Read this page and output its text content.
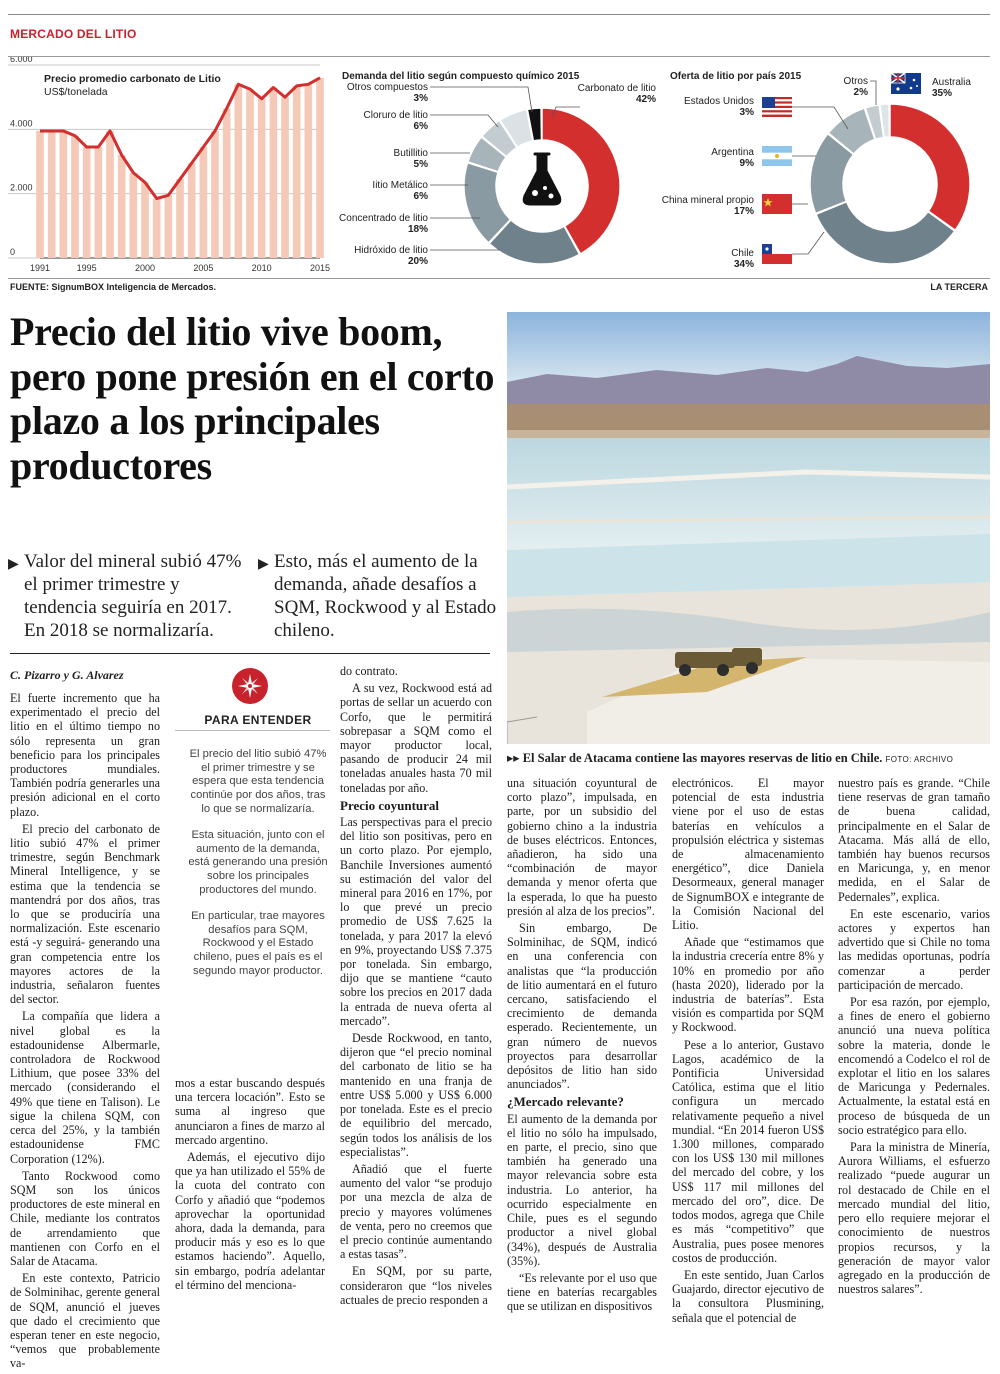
MERCADO DEL LITIO
Precio promedio carbonato de Litio
US$/tonelada
6.000
4.000
2.000
0
1991	1995	2000	2005	2010	2015
Demanda del litio según compuesto químico 2015
Carbonato de litio
42%
Hidróxido de litio
20%
Concentrado de litio
18%
Iitio Metálico
6%
Butillitio
5%
Cloruro de litio
6%
Otros compuestos
3%
Oferta de litio por país 2015
Australia
35%
Chile
34%
China mineral propio
17%
Argentina
9%
Estados Unidos
3%
Otros
2%
FUENTE: SignumBOX Inteligencia de Mercados.	LA TERCERA
Precio del litio vive boom, pero pone presión en el corto plazo a los principales productores
▶ Valor del mineral subió 47% el primer trimestre y tendencia seguiría en 2017. En 2018 se normalizaría.
▶ Esto, más el aumento de la demanda, añade desafíos a SQM, Rockwood y al Estado chileno.
C. Pizarro y G. Alvarez

El fuerte incremento que ha experimentado el precio del litio en el último tiempo no sólo representa un gran beneficio para los principales productores mundiales. También podría generarles una presión adicional en el corto plazo.

El precio del carbonato de litio subió 47% el primer trimestre, según Benchmark Mineral Intelligence, y se estima que la tendencia se mantendrá por dos años, tras lo que se produciría una normalización. Este escenario está -y seguirá- generando una gran competencia entre los mayores actores de la industria, señalaron fuentes del sector.

La compañía que lidera a nivel global es la estadounidense Albermarle, controladora de Rockwood Lithium, que posee 33% del mercado (considerando el 49% que tiene en Talison). Le sigue la chilena SQM, con cerca del 25%, y la también estadounidense FMC Corporation (12%).

Tanto Rockwood como SQM son los únicos productores de este mineral en Chile, mediante los contratos de arrendamiento que mantienen con Corfo en el Salar de Atacama.

En este contexto, Patricio de Solminihac, gerente general de SQM, anunció el jueves que dado el crecimiento que esperan tener en este negocio, “vemos que probablemente va-

PARA ENTENDER

El precio del litio subió 47% el primer trimestre y se espera que esta tendencia continúe por dos años, tras lo que se normalizaría.

Esta situación, junto con el aumento de la demanda, está generando una presión sobre los principales productores del mundo.

En particular, trae mayores desafíos para SQM, Rockwood y el Estado chileno, pues el país es el segundo mayor productor.

mos a estar buscando después una tercera locación”. Esto se suma al ingreso que anunciaron a fines de marzo al mercado argentino.

Además, el ejecutivo dijo que ya han utilizado el 55% de la cuota del contrato con Corfo y añadió que “podemos aprovechar la oportunidad ahora, dada la demanda, para producir más y eso es lo que estamos haciendo”. Aquello, sin embargo, podría adelantar el término del menciona-

do contrato.

A su vez, Rockwood está ad portas de sellar un acuerdo con Corfo, que le permitirá sobrepasar a SQM como el mayor productor local, pasando de producir 24 mil toneladas anuales hasta 70 mil toneladas por año.

Precio coyuntural

Las perspectivas para el precio del litio son positivas, pero en un corto plazo. Por ejemplo, Banchile Inversiones aumentó su estimación del valor del mineral para 2016 en 17%, por lo que prevé un precio promedio de US$ 7.625 la tonelada, y para 2017 la elevó en 9%, proyectando US$ 7.375 por tonelada. Sin embargo, dijo que se mantiene “cauto sobre los precios en 2017 dada la entrada de nueva oferta al mercado”.

Desde Rockwood, en tanto, dijeron que “el precio nominal del carbonato de litio se ha mantenido en una franja de entre US$ 5.000 y US$ 6.000 por tonelada. Este es el precio de equilibrio del mercado, según todos los análisis de los especialistas”.

Añadió que el fuerte aumento del valor “se produjo por una mezcla de alza de precio y mayores volúmenes de venta, pero no creemos que el precio continúe aumentando a estas tasas”.

En SQM, por su parte, consideraron que “los niveles actuales de precio responden a

▸▸ El Salar de Atacama contiene las mayores reservas de litio en Chile. FOTO: ARCHIVO

una situación coyuntural de corto plazo”, impulsada, en parte, por un subsidio del gobierno chino a la industria de buses eléctricos. Entonces, añadieron, ha sido una “combinación de mayor demanda y menor oferta que la esperada, lo que ha puesto presión al alza de los precios”.

Sin embargo, De Solminihac, de SQM, indicó en una conferencia con analistas que “la producción de litio aumentará en el futuro cercano, satisfaciendo el crecimiento de demanda esperado. Recientemente, un gran número de nuevos proyectos para desarrollar depósitos de litio han sido anunciados”.

¿Mercado relevante?

El aumento de la demanda por el litio no sólo ha impulsado, en parte, el precio, sino que también ha generado una mayor relevancia sobre esta industria. Lo anterior, ha ocurrido especialmente en Chile, pues es el segundo productor a nivel global (34%), después de Australia (35%).

“Es relevante por el uso que tiene en baterías recargables que se utilizan en dispositivos

electrónicos. El mayor potencial de esta industria viene por el uso de estas baterías en vehículos a propulsión eléctrica y sistemas de almacenamiento energético”, dice Daniela Desormeaux, general manager de SignumBOX e integrante de la Comisión Nacional del Litio.

Añade que “estimamos que la industria crecería entre 8% y 10% en promedio por año (hasta 2020), liderado por la industria de baterías”. Esta visión es compartida por SQM y Rockwood.

Pese a lo anterior, Gustavo Lagos, académico de la Pontificia Universidad Católica, estima que el litio configura un mercado relativamente pequeño a nivel mundial. “En 2014 fueron US$ 1.300 millones, comparado con los US$ 130 mil millones del mercado del cobre, y los US$ 117 mil millones del mercado del oro”, dice. De todos modos, agrega que Chile es más “competitivo” que Australia, pues posee menores costos de producción.

En este sentido, Juan Carlos Guajardo, director ejecutivo de la consultora Plusmining, señala que el potencial de

nuestro país es grande. “Chile tiene reservas de gran tamaño de buena calidad, principalmente en el Salar de Atacama. Más allá de ello, también hay buenos recursos en Maricunga, y, en menor medida, en el Salar de Pedernales”, explica.

En este escenario, varios actores y expertos han advertido que si Chile no toma las medidas oportunas, podría comenzar a perder participación de mercado.

Por esa razón, por ejemplo, a fines de enero el gobierno anunció una nueva política sobre la materia, donde le encomendó a Codelco el rol de explotar el litio en los salares de Maricunga y Pedernales. Actualmente, la estatal está en proceso de búsqueda de un socio estratégico para ello.

Para la ministra de Minería, Aurora Williams, el esfuerzo realizado “puede augurar un rol destacado de Chile en el mercado mundial del litio, pero ello requiere mejorar el conocimiento de nuestros propios recursos, y la generación de mayor valor agregado en la producción de nuestros salares”.
